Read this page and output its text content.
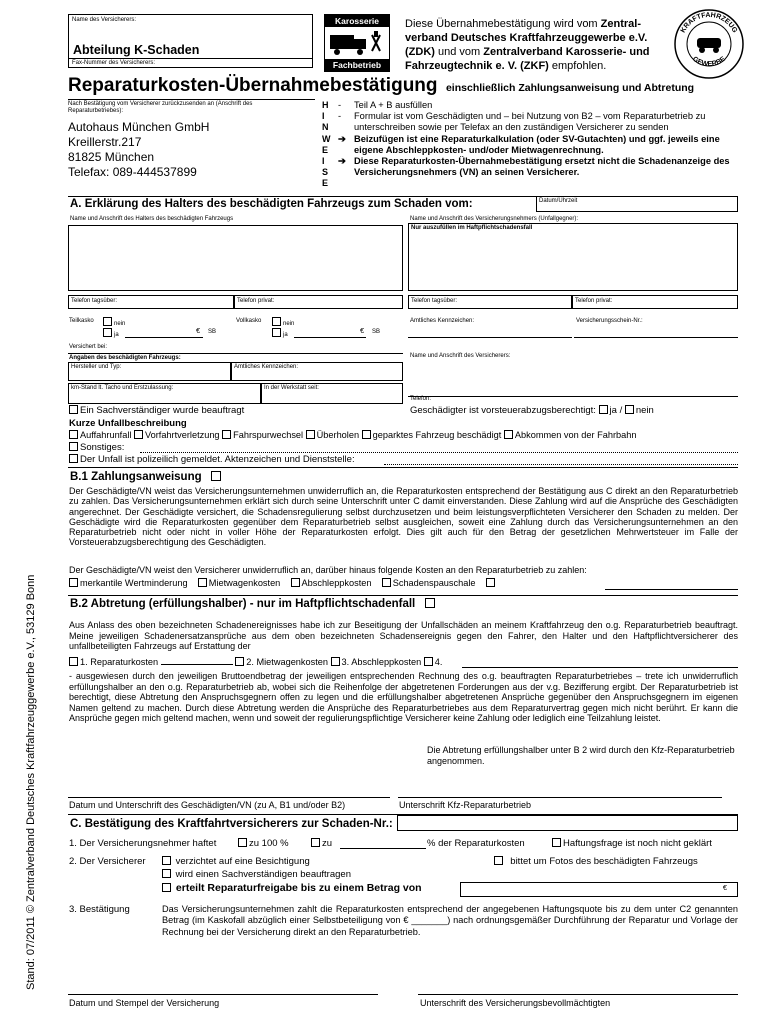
Stand: 07/2011 © Zentralverband Deutsches Kraftfahrzeuggewerbe e.V., 53129 Bonn
Name des Versicherers:
Abteilung K-Schaden
Fax-Nummer des Versicherers:
Karosserie
Fachbetrieb
Diese Übernahmebestätigung wird vom Zentral-verband Deutsches Kraftfahrzeuggewerbe e.V. (ZDK) und vom Zentralverband Karosserie- und Fahrzeugtechnik e. V. (ZKF) empfohlen.
KRAFTFAHRZEUG
GEWERBE
Reparaturkosten-Übernahmebestätigung einschließlich Zahlungsanweisung und Abtretung
Nach Bestätigung vom Versicherer zurückzusenden an (Anschrift des Reparaturbetriebes):
Autohaus München GmbH
Kreillerstr.217
81825 München
Telefax: 089-444537899
H
I
N
W
E
I
S
E
-	Teil A + B ausfüllen
-	Formular ist vom Geschädigten und – bei Nutzung von B2 – vom Reparaturbetrieb zu unterschreiben sowie per Telefax an den zuständigen Versicherer zu senden
➔ Beizufügen ist eine Reparaturkalkulation (oder SV-Gutachten) und ggf. jeweils eine eigene Abschleppkosten- und/oder Mietwagenrechnung.
➔ Diese Reparaturkosten-Übernahmebestätigung ersetzt nicht die Schadenanzeige des Versicherungsnehmers (VN) an seinen Versicherer.
A. Erklärung des Halters des beschädigten Fahrzeugs zum Schaden vom:	Datum/Uhrzeit
Name und Anschrift des Halters des beschädigten Fahrzeugs	Name und Anschrift des Versicherungsnehmers (Unfallgegner):
Nur auszufüllen im Haftpflichtschadensfall
Telefon tagsüber:	Telefon privat:	Telefon tagsüber:	Telefon privat:
Teilkasko	nein
ja	€ SB
Vollkasko	nein
ja	€ SB
Amtliches Kennzeichen:	Versicherungsschein-Nr.:
Versichert bei:
Angaben des beschädigten Fahrzeugs:	Name und Anschrift des Versicherers:
Hersteller und Typ:	Amtliches Kennzeichen:
km-Stand lt. Tacho und Erstzulassung:	In der Werkstatt seit:
Telefon:
Ein Sachverständiger wurde beauftragt	Geschädigter ist vorsteuerabzugsberechtigt: ja / nein
Kurze Unfallbeschreibung
Auffahrunfall Vorfahrtverletzung Fahrspurwechsel Überholen geparktes Fahrzeug beschädigt Abkommen von der Fahrbahn
Sonstiges:
Der Unfall ist polizeilich gemeldet. Aktenzeichen und Dienststelle:
B.1 Zahlungsanweisung
Der Geschädigte/VN weist das Versicherungsunternehmen unwiderruflich an, die Reparaturkosten entsprechend der Bestätigung aus C direkt an den Reparaturbetrieb zu zahlen. Das Versicherungsunternehmen erklärt sich durch seine Unterschrift unter C damit einverstanden. Diese Zahlung wird auf die Ansprüche des Geschädigten angerechnet. Der Geschädigte versichert, die Schadensregulierung selbst durchzusetzen und beim leistungsverpflichteten Versicherer den Schaden zu melden. Der Geschädigte wird die Reparaturkosten gegenüber dem Reparaturbetrieb selbst ausgleichen, soweit eine Zahlung durch das Versicherungsunternehmen an den Reparaturbetrieb nicht oder nicht in voller Höhe der Reparaturkosten erfolgt. Dies gilt auch für den Betrag der gesetzlichen Mehrwertsteuer im Falle der Vorsteuerabzugsberechtigung des Geschädigten.
Der Geschädigte/VN weist den Versicherer unwiderruflich an, darüber hinaus folgende Kosten an den Reparaturbetrieb zu zahlen:
merkantile Wertminderung Mietwagenkosten Abschleppkosten Schadenspauschale
B.2 Abtretung (erfüllungshalber) - nur im Haftpflichtschadenfall
Aus Anlass des oben bezeichneten Schadenereignisses habe ich zur Beseitigung der Unfallschäden an meinem Kraftfahrzeug den o.g. Reparaturbetrieb beauftragt. Meine jeweiligen Schadenersatzansprüche aus dem oben bezeichneten Schadensereignis gegen den Fahrer, den Halter und den Haftpflichtversicherer des unfallbeteiligten Fahrzeugs auf Erstattung der
1. Reparaturkosten	2. Mietwagenkosten 3. Abschleppkosten 4.
- ausgewiesen durch den jeweiligen Bruttoendbetrag der jeweiligen entsprechenden Rechnung des o.g. beauftragten Reparaturbetriebes – trete ich unwiderruflich erfüllungshalber an den o.g. Reparaturbetrieb ab, wobei sich die Reihenfolge der abgetretenen Forderungen aus der v.g. Bezifferung ergibt. Der Reparaturbetrieb ist berechtigt, diese Abtretung den Anspruchsgegnern offen zu legen und die erfüllungshalber abgetretenen Ansprüche gegenüber den Anspruchsgegnern im eigenen Namen geltend zu machen. Durch diese Abtretung werden die Ansprüche des Reparaturbetriebes aus dem Reparaturvertrag gegen mich nicht berührt. Er kann die Ansprüche gegen mich geltend machen, wenn und soweit der regulierungspflichtige Versicherer keine Zahlung oder lediglich eine Teilzahlung leistet.
Die Abtretung erfüllungshalber unter B 2 wird durch den Kfz-Reparaturbetrieb angenommen.
Datum und Unterschrift des Geschädigten/VN (zu A, B1 und/oder B2)	Unterschrift Kfz-Reparaturbetrieb
C. Bestätigung des Kraftfahrtversicherers zur Schaden-Nr.:
1. Der Versicherungsnehmer haftet	zu 100 %	zu	% der Reparaturkosten	Haftungsfrage ist noch nicht geklärt
2. Der Versicherer	verzichtet auf eine Besichtigung	bittet um Fotos des beschädigten Fahrzeugs
wird einen Sachverständigen beauftragen
erteilt Reparaturfreigabe bis zu einem Betrag von	€
3. Bestätigung	Das Versicherungsunternehmen zahlt die Reparaturkosten entsprechend der angegebenen Haftungsquote bis zu dem unter C2 genannten Betrag (im Kaskofall abzüglich einer Selbstbeteiligung von € _______) nach ordnungsgemäßer Durchführung der Reparatur und Vorlage der Rechnung bei der Versicherung direkt an den Reparaturbetrieb.
Datum und Stempel der Versicherung	Unterschrift des Versicherungsbevollmächtigten
